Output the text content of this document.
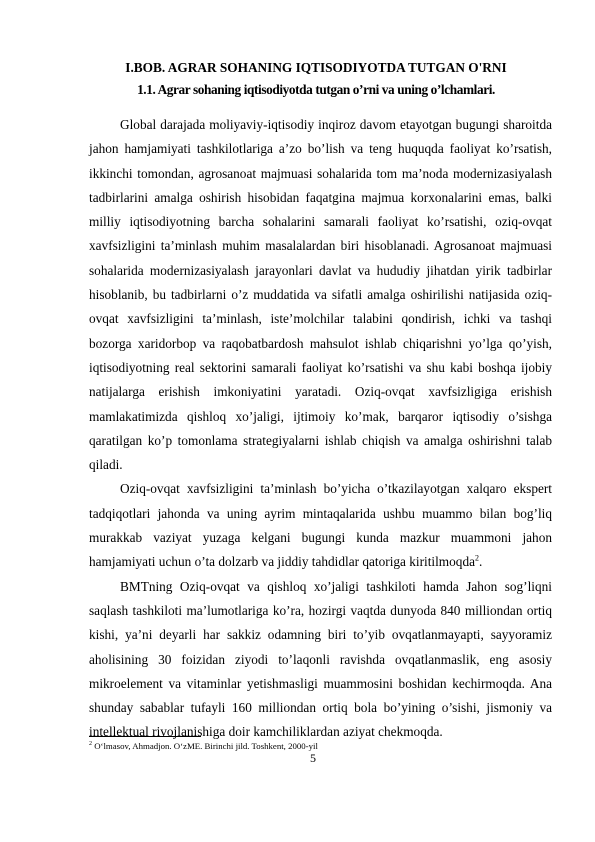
I.BOB. AGRAR SOHANING IQTISODIYOTDA TUTGAN O'RNI
1.1. Agrar sohaning iqtisodiyotda tutgan o’rni va uning o’lchamlari.

Global darajada moliyaviy-iqtisodiy inqiroz davom etayotgan bugungi sharoitda jahon hamjamiyati tashkilotlariga a’zo bo’lish va teng huquqda faoliyat ko’rsatish, ikkinchi tomondan, agrosanoat majmuasi sohalarida tom ma’noda modernizasiyalash tadbirlarini amalga oshirish hisobidan faqatgina majmua korxonalarini emas, balki milliy iqtisodiyotning barcha sohalarini samarali faoliyat ko’rsatishi, oziq-ovqat xavfsizligini ta’minlash muhim masalalardan biri hisoblanadi. Agrosanoat majmuasi sohalarida modernizasiyalash jarayonlari davlat va hududiy jihatdan yirik tadbirlar hisoblanib, bu tadbirlarni o’z muddatida va sifatli amalga oshirilishi natijasida oziq-ovqat xavfsizligini ta’minlash, iste’molchilar talabini qondirish, ichki va tashqi bozorga xaridorbop va raqobatbardosh mahsulot ishlab chiqarishni yo’lga qo’yish, iqtisodiyotning real sektorini samarali faoliyat ko’rsatishi va shu kabi boshqa ijobiy natijalarga erishish imkoniyatini yaratadi. Oziq-ovqat xavfsizligiga erishish mamlakatimizda qishloq xo’jaligi, ijtimoiy ko’mak, barqaror iqtisodiy o’sishga qaratilgan ko’p tomonlama strategiyalarni ishlab chiqish va amalga oshirishni talab qiladi.

Oziq-ovqat xavfsizligini ta’minlash bo’yicha o’tkazilayotgan xalqaro ekspert tadqiqotlari jahonda va uning ayrim mintaqalarida ushbu muammo bilan bog’liq murakkab vaziyat yuzaga kelgani bugungi kunda mazkur muammoni jahon hamjamiyati uchun o’ta dolzarb va jiddiy tahdidlar qatoriga kiritilmoqda$^2$.

BMTning Oziq-ovqat va qishloq xo’jaligi tashkiloti hamda Jahon sog’liqni saqlash tashkiloti ma’lumotlariga ko’ra, hozirgi vaqtda dunyoda 840 milliondan ortiq kishi, ya’ni deyarli har sakkiz odamning biri to’yib ovqatlanmayapti, sayyoramiz aholisining 30 foizidan ziyodi to’laqonli ravishda ovqatlanmaslik, eng asosiy mikroelement va vitaminlar yetishmasligi muammosini boshidan kechirmoqda. Ana shunday sabablar tufayli 160 milliondan ortiq bola bo’yining o’sishi, jismoniy va intellektual rivojlanishiga doir kamchiliklardan aziyat chekmoqda.

$^2$ O‘lmasov, Ahmadjon. O‘zME. Birinchi jild. Toshkent, 2000-yil
5
